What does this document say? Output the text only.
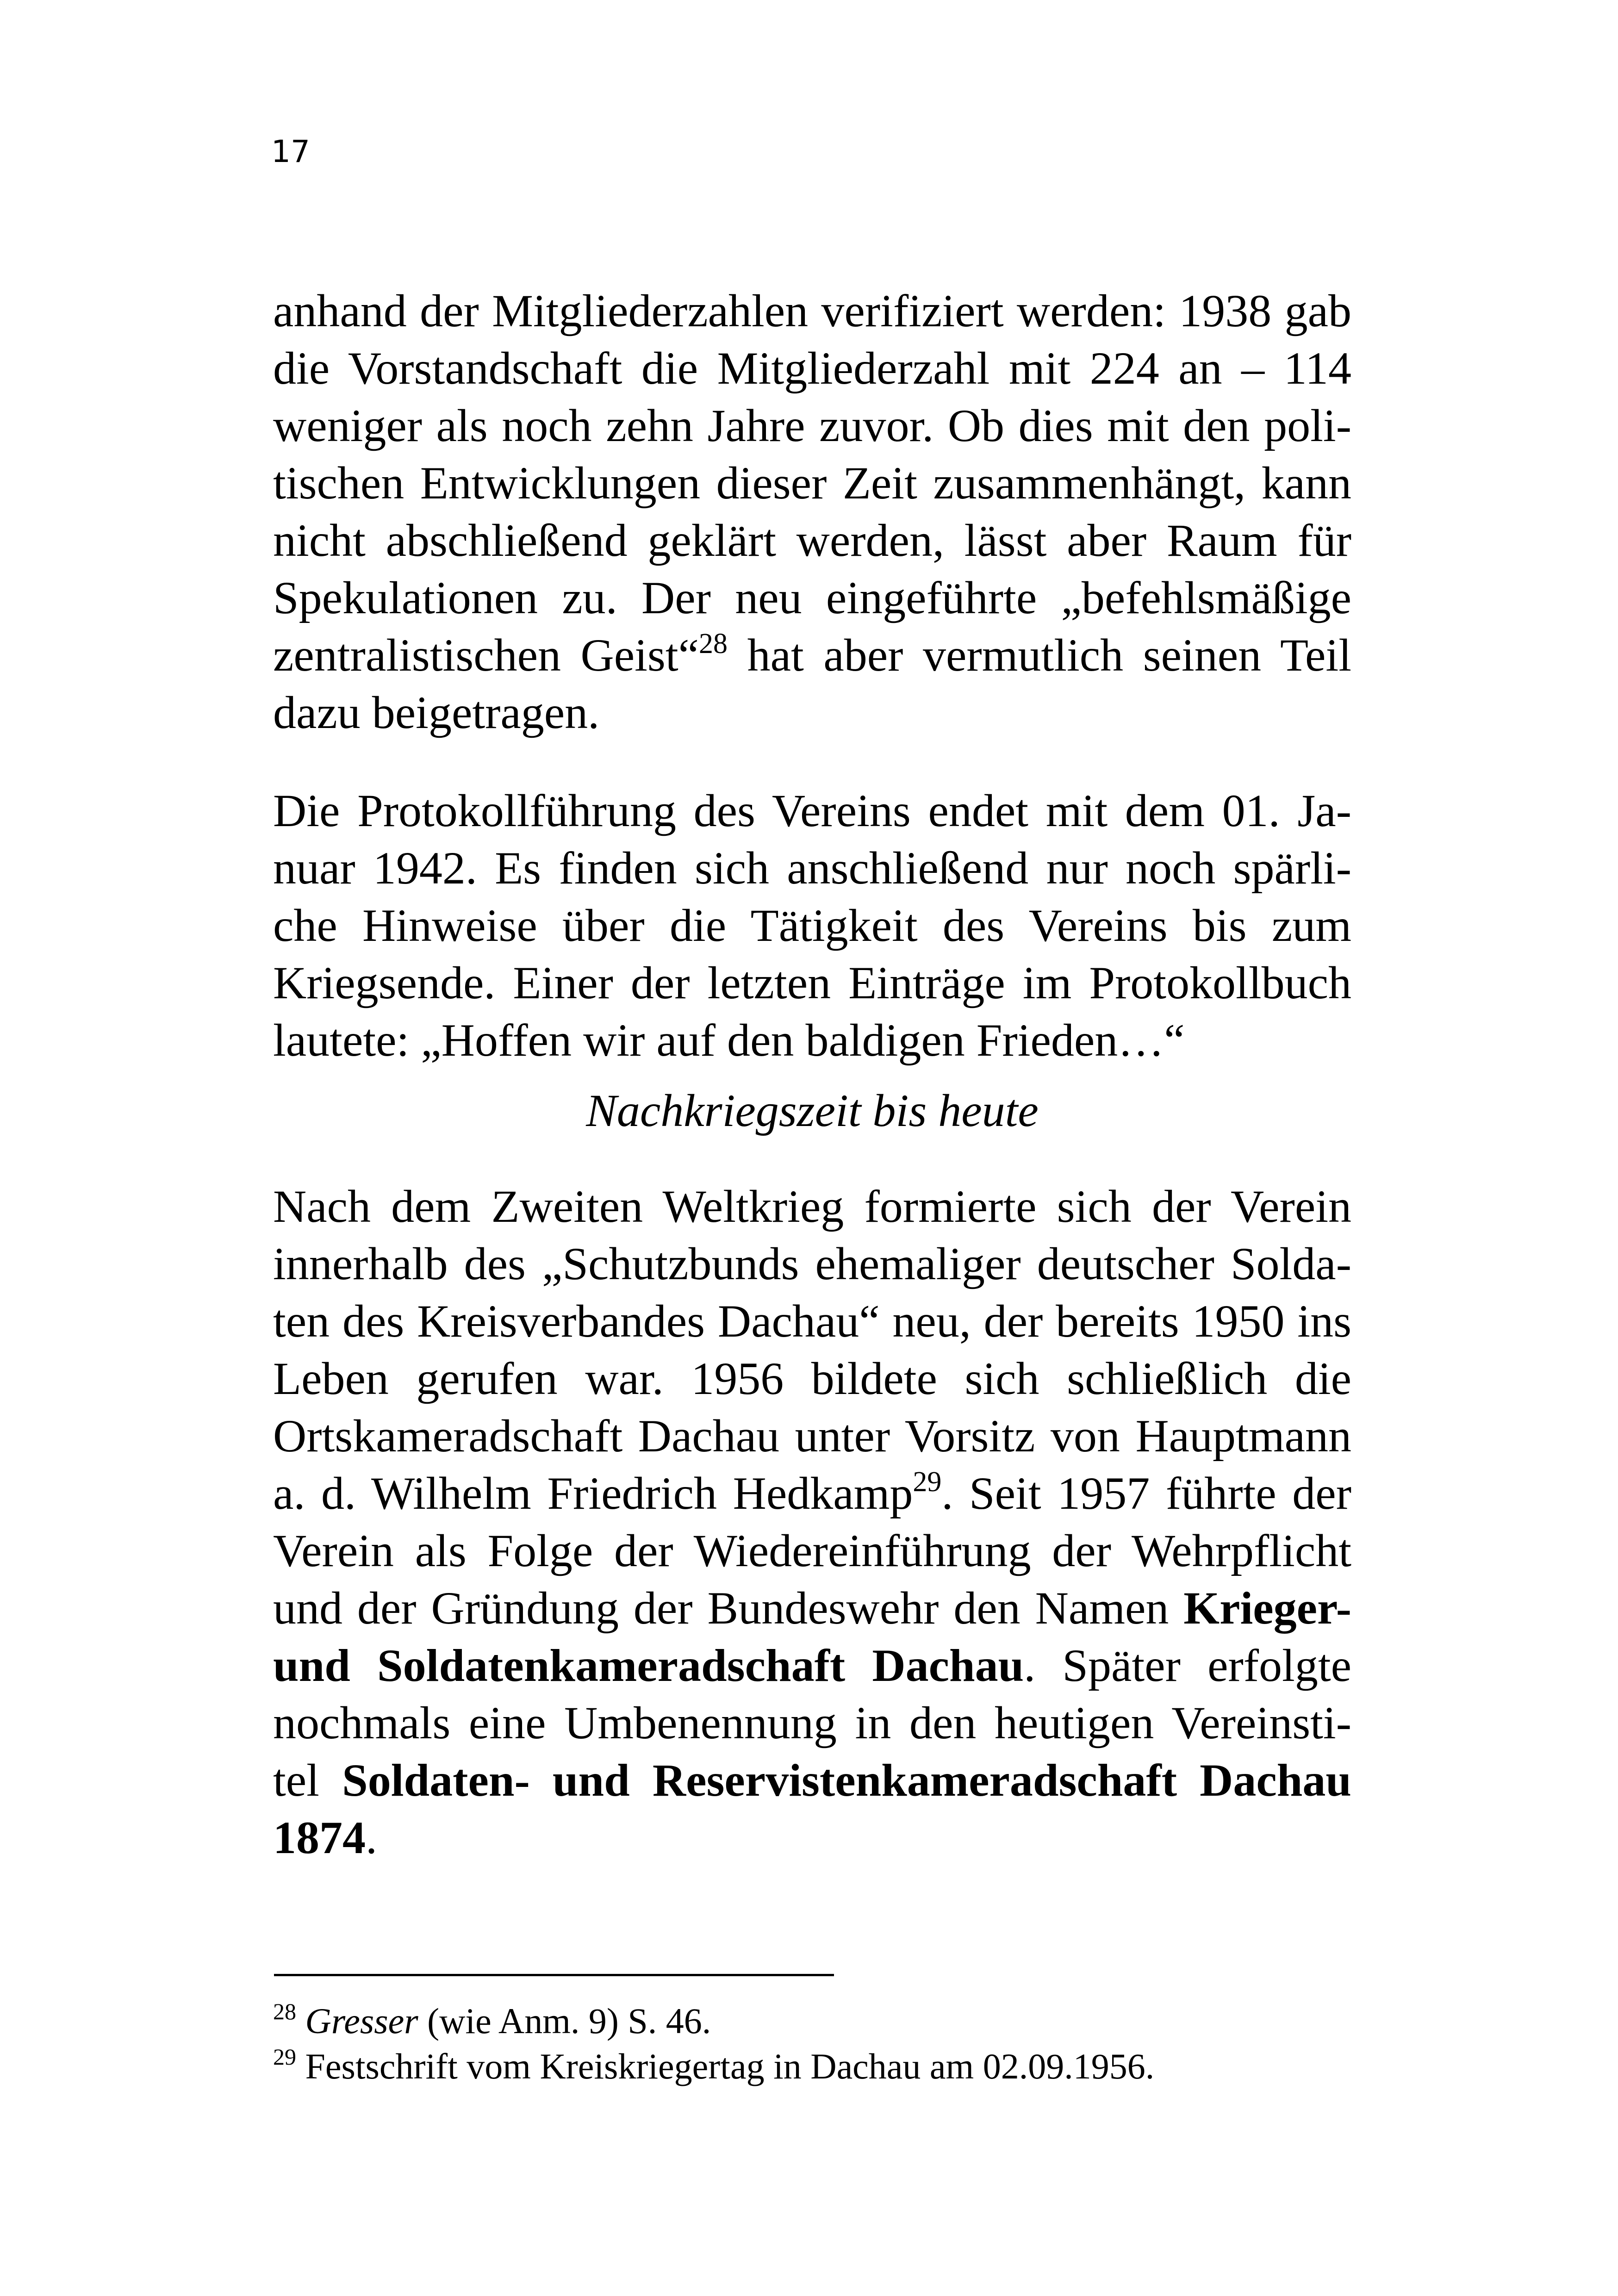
17

anhand der Mitgliederzahlen verifiziert werden: 1938 gab
die Vorstandschaft die Mitgliederzahl mit 224 an – 114
weniger als noch zehn Jahre zuvor. Ob dies mit den poli-
tischen Entwicklungen dieser Zeit zusammenhängt, kann
nicht abschließend geklärt werden, lässt aber Raum für
Spekulationen zu. Der neu eingeführte „befehlsmäßige
zentralistischen Geist“$^{28}$ hat aber vermutlich seinen Teil
dazu beigetragen.

Die Protokollführung des Vereins endet mit dem 01. Ja-
nuar 1942. Es finden sich anschließend nur noch spärli-
che Hinweise über die Tätigkeit des Vereins bis zum
Kriegsende. Einer der letzten Einträge im Protokollbuch
lautete: „Hoffen wir auf den baldigen Frieden…“

Nachkriegszeit bis heute

Nach dem Zweiten Weltkrieg formierte sich der Verein
innerhalb des „Schutzbunds ehemaliger deutscher Solda-
ten des Kreisverbandes Dachau“ neu, der bereits 1950 ins
Leben gerufen war. 1956 bildete sich schließlich die
Ortskameradschaft Dachau unter Vorsitz von Hauptmann
a. d. Wilhelm Friedrich Hedkamp$^{29}$. Seit 1957 führte der
Verein als Folge der Wiedereinführung der Wehrpflicht
und der Gründung der Bundeswehr den Namen Krieger-
und Soldatenkameradschaft Dachau. Später erfolgte
nochmals eine Umbenennung in den heutigen Vereinsti-
tel Soldaten- und Reservistenkameradschaft Dachau
1874.

$^{28}$ Gresser (wie Anm. 9) S. 46.
$^{29}$ Festschrift vom Kreiskriegertag in Dachau am 02.09.1956.
